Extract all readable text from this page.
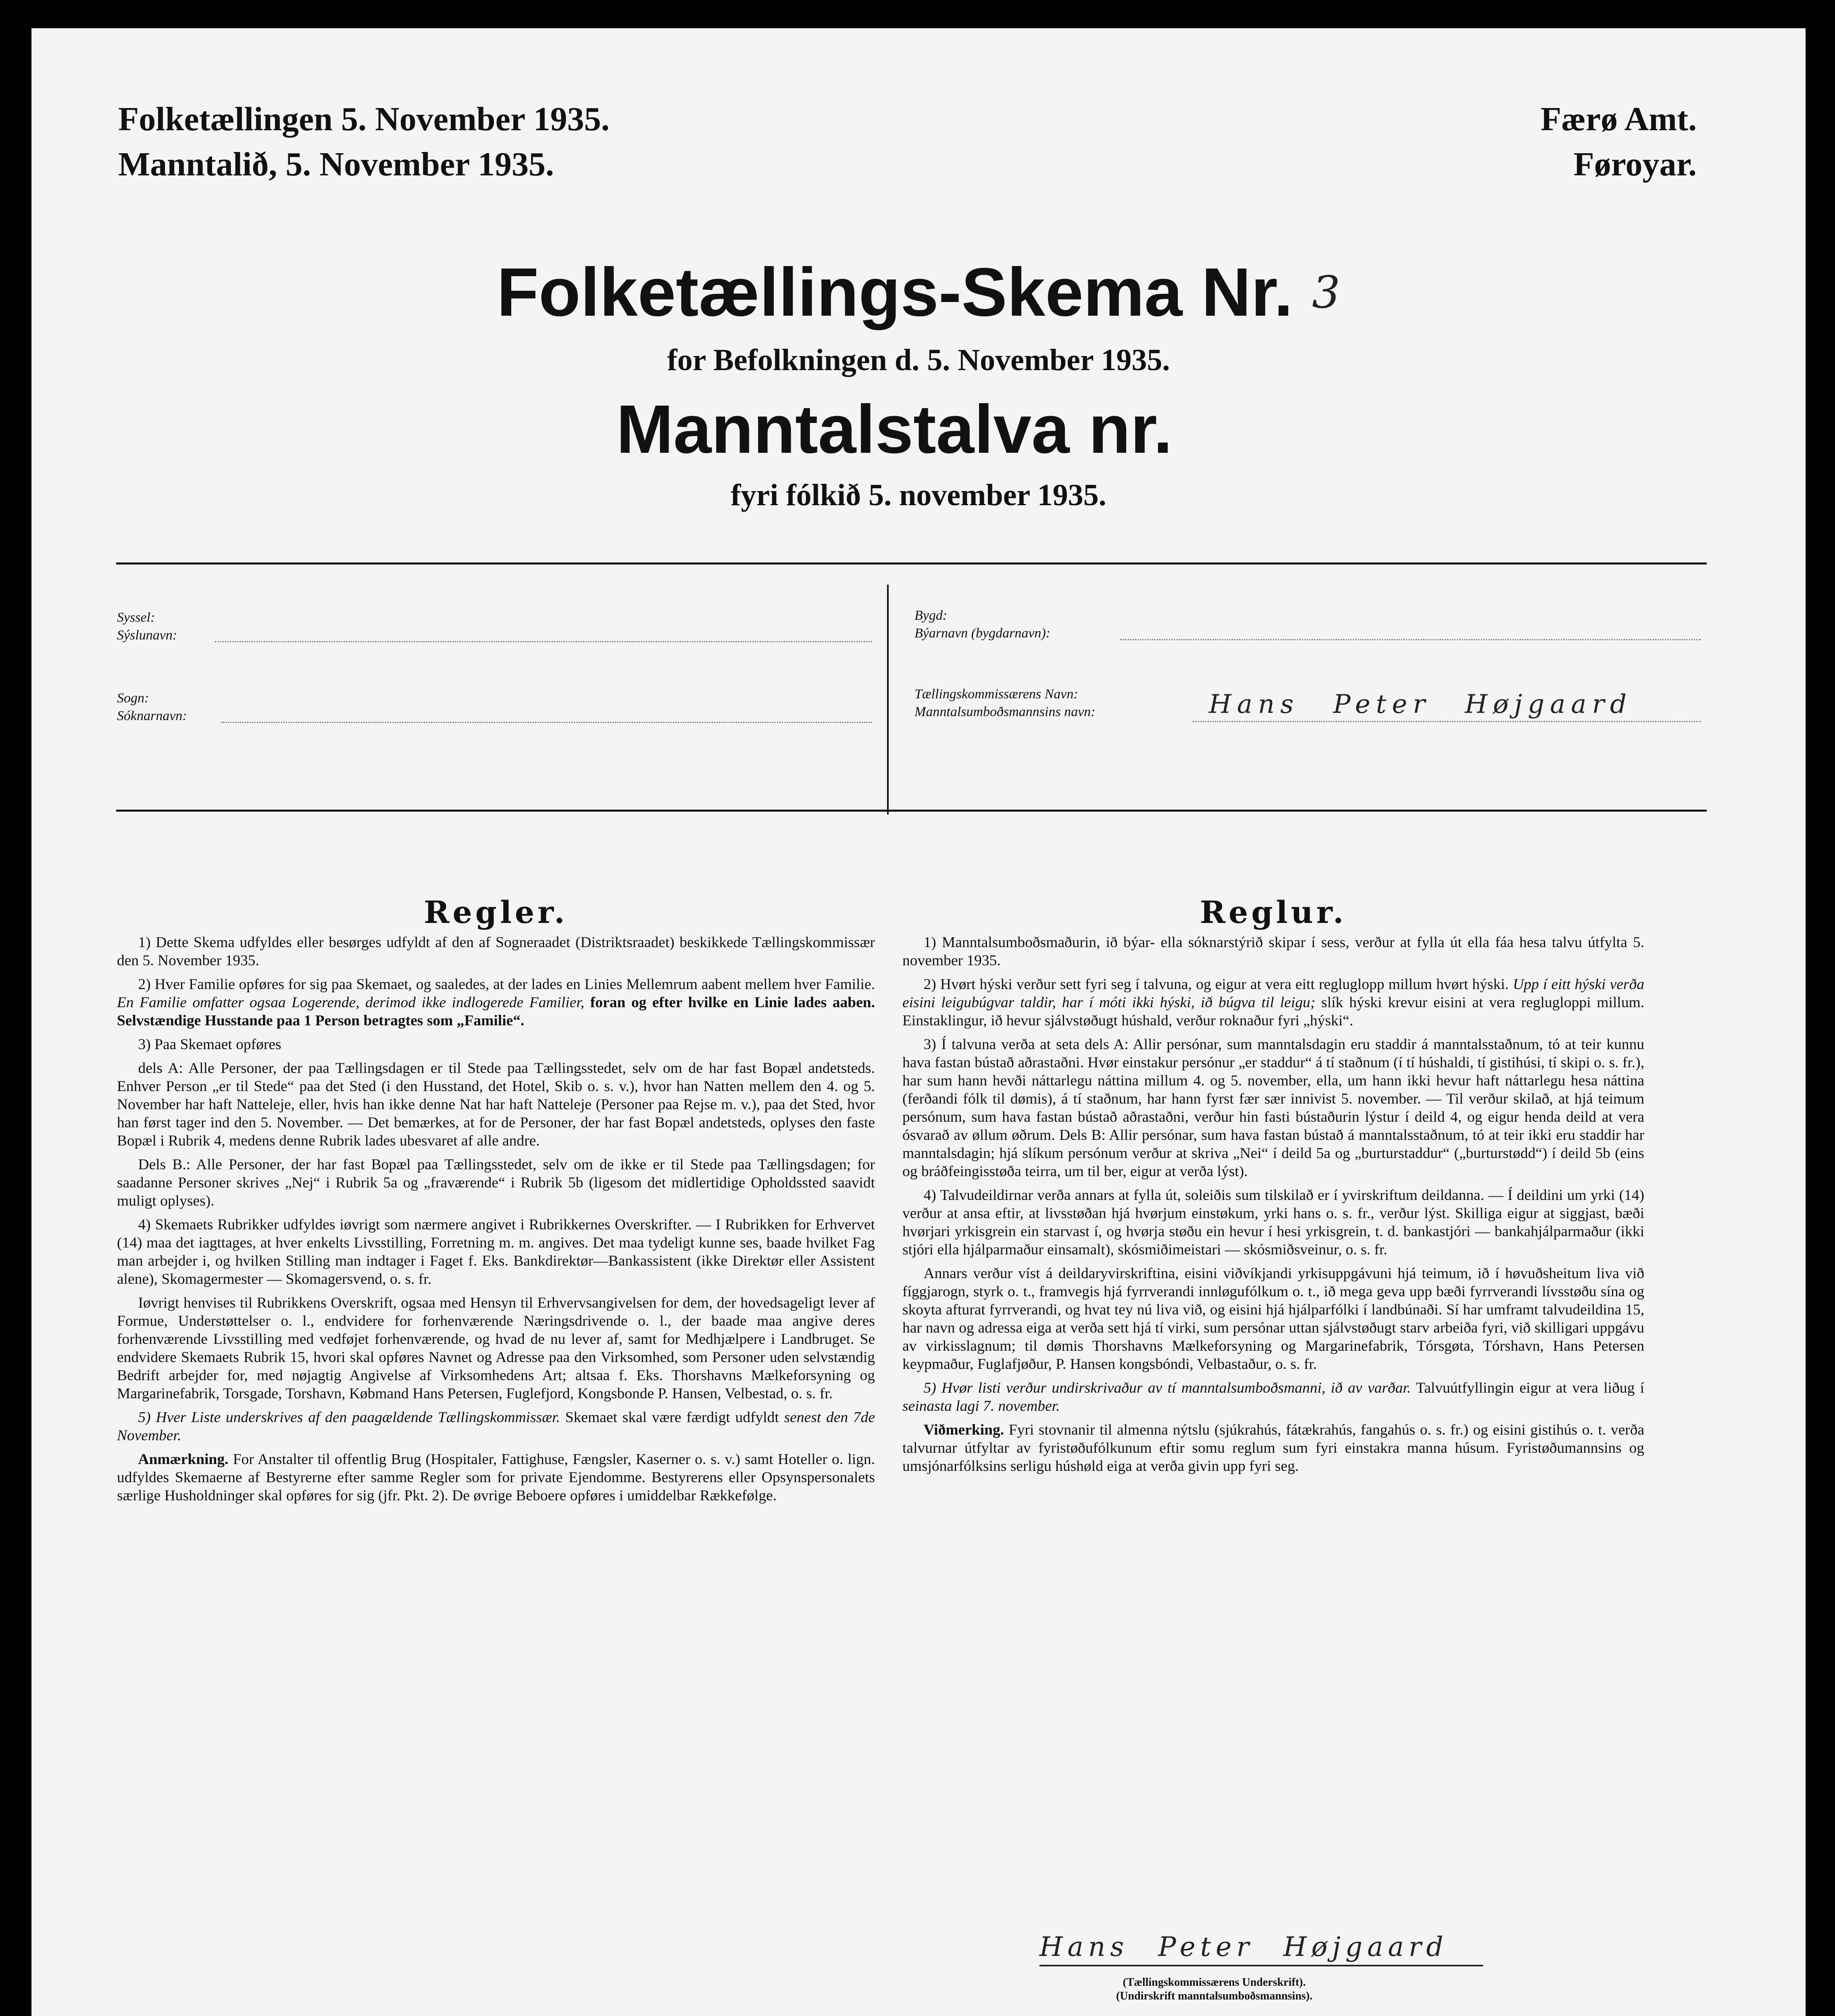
Folketællingen 5. November 1935.
Manntalið, 5. November 1935.
Færø Amt.
Føroyar.
Folketællings-Skema Nr. $^3$
for Befolkningen d. 5. November 1935.
Manntalstalva nr.
fyri fólkið 5. november 1935.
Syssel:
Sýslunavn:
Sogn:
Sóknarnavn:
Bygd:
Býarnavn (bygdarnavn):
Tællingskommissærens Navn:
Manntalsumboðsmannsins navn:	Hans Peter Højgaard

Regler.

1) Dette Skema udfyldes eller besørges udfyldt af den af Sogneraadet (Distriktsraadet) beskikkede Tællingskommissær den 5. November 1935.

2) Hver Familie opføres for sig paa Skemaet, og saaledes, at der lades en Linies Mellemrum aabent mellem hver Familie. En Familie omfatter ogsaa Logerende, derimod ikke indlogerede Familier, foran og efter hvilke en Linie lades aaben. Selvstændige Husstande paa 1 Person betragtes som „Familie“.

3) Paa Skemaet opføres

dels A: Alle Personer, der paa Tællingsdagen er til Stede paa Tællingsstedet, selv om de har fast Bopæl andetsteds. Enhver Person „er til Stede“ paa det Sted (i den Husstand, det Hotel, Skib o. s. v.), hvor han Natten mellem den 4. og 5. November har haft Natteleje, eller, hvis han ikke denne Nat har haft Natteleje (Personer paa Rejse m. v.), paa det Sted, hvor han først tager ind den 5. November. — Det bemærkes, at for de Personer, der har fast Bopæl andetsteds, oplyses den faste Bopæl i Rubrik 4, medens denne Rubrik lades ubesvaret af alle andre.

Dels B.: Alle Personer, der har fast Bopæl paa Tællingsstedet, selv om de ikke er til Stede paa Tællingsdagen; for saadanne Personer skrives „Nej“ i Rubrik 5a og „fraværende“ i Rubrik 5b (ligesom det midlertidige Opholdssted saavidt muligt oplyses).

4) Skemaets Rubrikker udfyldes iøvrigt som nærmere angivet i Rubrikkernes Overskrifter. — I Rubrikken for Erhvervet (14) maa det iagttages, at hver enkelts Livsstilling, Forretning m. m. angives. Det maa tydeligt kunne ses, baade hvilket Fag man arbejder i, og hvilken Stilling man indtager i Faget f. Eks. Bankdirektør—Bankassistent (ikke Direktør eller Assistent alene), Skomagermester — Skomagersvend, o. s. fr.

Iøvrigt henvises til Rubrikkens Overskrift, ogsaa med Hensyn til Erhvervsangivelsen for dem, der hovedsageligt lever af Formue, Understøttelser o. l., endvidere for forhenværende Næringsdrivende o. l., der baade maa angive deres forhenværende Livsstilling med vedføjet forhenværende, og hvad de nu lever af, samt for Medhjælpere i Landbruget. Se endvidere Skemaets Rubrik 15, hvori skal opføres Navnet og Adresse paa den Virksomhed, som Personer uden selvstændig Bedrift arbejder for, med nøjagtig Angivelse af Virksomhedens Art; altsaa f. Eks. Thorshavns Mælkeforsyning og Margarinefabrik, Torsgade, Torshavn, Købmand Hans Petersen, Fuglefjord, Kongsbonde P. Hansen, Velbestad, o. s. fr.

5) Hver Liste underskrives af den paagældende Tællingskommissær. Skemaet skal være færdigt udfyldt senest den 7de November.

Anmærkning. For Anstalter til offentlig Brug (Hospitaler, Fattighuse, Fængsler, Kaserner o. s. v.) samt Hoteller o. lign. udfyldes Skemaerne af Bestyrerne efter samme Regler som for private Ejendomme. Bestyrerens eller Opsynspersonalets særlige Husholdninger skal opføres for sig (jfr. Pkt. 2). De øvrige Beboere opføres i umiddelbar Rækkefølge.

Reglur.

1) Manntalsumboðsmaðurin, ið býar- ella sóknarstýrið skipar í sess, verður at fylla út ella fáa hesa talvu útfylta 5. november 1935.

2) Hvørt hýski verður sett fyri seg í talvuna, og eigur at vera eitt regluglopp millum hvørt hýski. Upp í eitt hýski verða eisini leigubúgvar taldir, har í móti ikki hýski, ið búgva til leigu; slík hýski krevur eisini at vera reglugloppi millum. Einstaklingur, ið hevur sjálvstøðugt húshald, verður roknaður fyri „hýski“.

3) Í talvuna verða at seta dels A: Allir persónar, sum manntalsdagin eru staddir á manntalsstaðnum, tó at teir kunnu hava fastan bústað aðrastaðni. Hvør einstakur persónur „er staddur“ á tí staðnum (í tí húshaldi, tí gistihúsi, tí skipi o. s. fr.), har sum hann hevði náttarlegu náttina millum 4. og 5. november, ella, um hann ikki hevur haft náttarlegu hesa náttina (ferðandi fólk til dømis), á tí staðnum, har hann fyrst fær sær innivist 5. november. — Til verður skilað, at hjá teimum persónum, sum hava fastan bústað aðrastaðni, verður hin fasti bústaðurin lýstur í deild 4, og eigur henda deild at vera ósvarað av øllum øðrum. Dels B: Allir persónar, sum hava fastan bústað á manntalsstaðnum, tó at teir ikki eru staddir har manntalsdagin; hjá slíkum persónum verður at skriva „Nei“ í deild 5a og „burturstaddur“ („burturstødd“) í deild 5b (eins og bráðfeingisstøða teirra, um til ber, eigur at verða lýst).

4) Talvudeildirnar verða annars at fylla út, soleiðis sum tilskilað er í yvirskriftum deildanna. — Í deildini um yrki (14) verður at ansa eftir, at livsstøðan hjá hvørjum einstøkum, yrki hans o. s. fr., verður lýst. Skilliga eigur at siggjast, bæði hvørjari yrkisgrein ein starvast í, og hvørja støðu ein hevur í hesi yrkisgrein, t. d. bankastjóri — bankahjálparmaður (ikki stjóri ella hjálparmaður einsamalt), skósmiðimeistari — skósmiðsveinur, o. s. fr.

Annars verður víst á deildaryvirskriftina, eisini viðvíkjandi yrkisuppgávuni hjá teimum, ið í høvuðsheitum liva við fíggjarogn, styrk o. t., framvegis hjá fyrrverandi innløgufólkum o. t., ið mega geva upp bæði fyrrverandi lívsstøðu sína og skoyta afturat fyrrverandi, og hvat tey nú liva við, og eisini hjá hjálparfólki í landbúnaði. Sí har umframt talvudeildina 15, har navn og adressa eiga at verða sett hjá tí virki, sum persónar uttan sjálvstøðugt starv arbeiða fyri, við skilligari uppgávu av virkisslagnum; til dømis Thorshavns Mælkeforsyning og Margarinefabrik, Tórsgøta, Tórshavn, Hans Petersen keypmaður, Fuglafjøður, P. Hansen kongsbóndi, Velbastaður, o. s. fr.

5) Hvør listi verður undirskrivaður av tí manntalsumboðsmanni, ið av varðar. Talvuútfyllingin eigur at vera liðug í seinasta lagi 7. november.

Viðmerking. Fyri stovnanir til almenna nýtslu (sjúkrahús, fátækrahús, fangahús o. s. fr.) og eisini gistihús o. t. verða talvurnar útfyltar av fyristøðufólkunum eftir somu reglum sum fyri einstakra manna húsum. Fyristøðumannsins og umsjónarfólksins serligu húshøld eiga at verða givin upp fyri seg.

Hans Peter Højgaard
(Tællingskommissærens Underskrift).
(Undirskrift manntalsumboðsmannsins).
